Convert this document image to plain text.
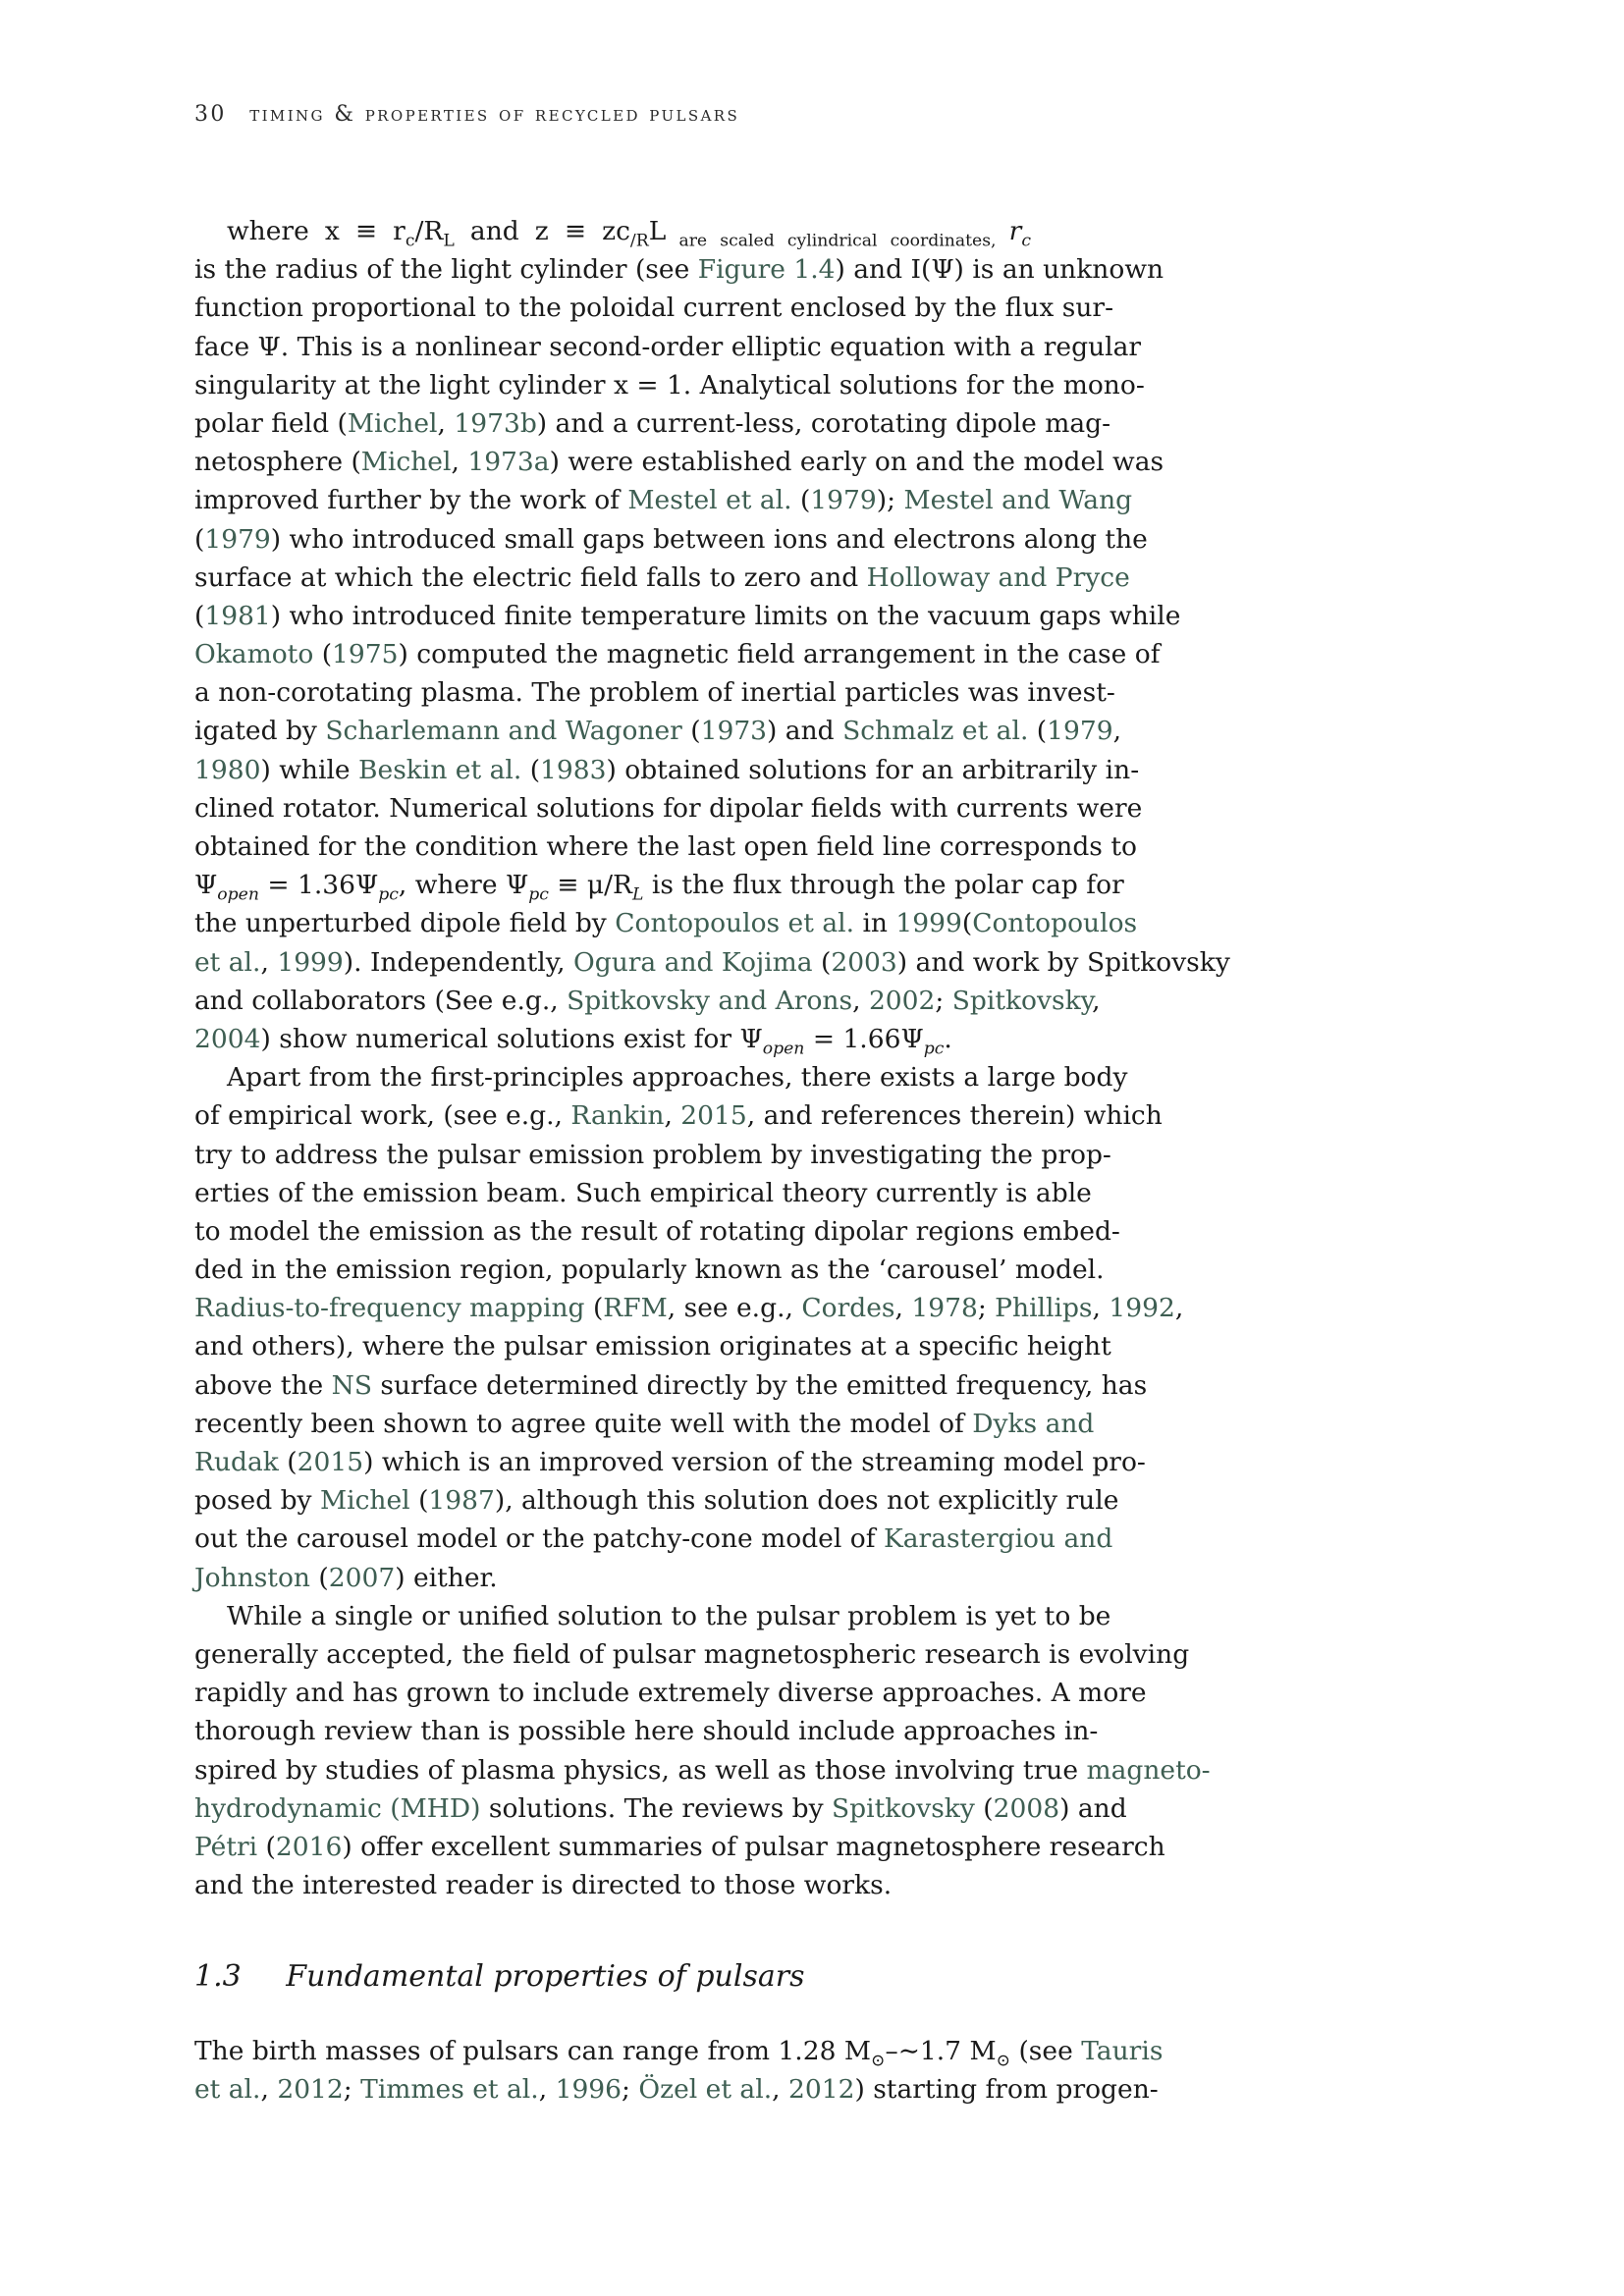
30 timing & properties of recycled pulsars
where $x \equiv r_c/R_L$ and $z \equiv zc_{/R}L$ $_{are scaled cylindrical coordinates,}$ $r_c$
is the radius of the light cylinder (see Figure 1.4) and I(Ψ) is an unknown
function proportional to the poloidal current enclosed by the flux sur-
face Ψ. This is a nonlinear second-order elliptic equation with a regular
singularity at the light cylinder x = 1. Analytical solutions for the mono-
polar field (Michel, 1973b) and a current-less, corotating dipole mag-
netosphere (Michel, 1973a) were established early on and the model was
improved further by the work of Mestel et al. (1979); Mestel and Wang
(1979) who introduced small gaps between ions and electrons along the
surface at which the electric field falls to zero and Holloway and Pryce
(1981) who introduced finite temperature limits on the vacuum gaps while
Okamoto (1975) computed the magnetic field arrangement in the case of
a non-corotating plasma. The problem of inertial particles was invest-
igated by Scharlemann and Wagoner (1973) and Schmalz et al. (1979,
1980) while Beskin et al. (1983) obtained solutions for an arbitrarily in-
clined rotator. Numerical solutions for dipolar fields with currents were
obtained for the condition where the last open field line corresponds to
$\Psi_{open} = 1.36\Psi_{pc}$, where $\Psi_{pc} \equiv \mu/R_L$ is the flux through the polar cap for
the unperturbed dipole field by Contopoulos et al. in 1999(Contopoulos
et al., 1999). Independently, Ogura and Kojima (2003) and work by Spitkovsky
and collaborators (See e.g., Spitkovsky and Arons, 2002; Spitkovsky,
2004) show numerical solutions exist for $\Psi_{open} = 1.66\Psi_{pc}$.
Apart from the first-principles approaches, there exists a large body
of empirical work, (see e.g., Rankin, 2015, and references therein) which
try to address the pulsar emission problem by investigating the prop-
erties of the emission beam. Such empirical theory currently is able
to model the emission as the result of rotating dipolar regions embed-
ded in the emission region, popularly known as the ‘carousel’ model.
Radius-to-frequency mapping (RFM, see e.g., Cordes, 1978; Phillips, 1992,
and others), where the pulsar emission originates at a specific height
above the NS surface determined directly by the emitted frequency, has
recently been shown to agree quite well with the model of Dyks and
Rudak (2015) which is an improved version of the streaming model pro-
posed by Michel (1987), although this solution does not explicitly rule
out the carousel model or the patchy-cone model of Karastergiou and
Johnston (2007) either.
While a single or unified solution to the pulsar problem is yet to be
generally accepted, the field of pulsar magnetospheric research is evolving
rapidly and has grown to include extremely diverse approaches. A more
thorough review than is possible here should include approaches in-
spired by studies of plasma physics, as well as those involving true magneto-
hydrodynamic (MHD) solutions. The reviews by Spitkovsky (2008) and
Pétri (2016) offer excellent summaries of pulsar magnetosphere research
and the interested reader is directed to those works.
1.3 Fundamental properties of pulsars
The birth masses of pulsars can range from 1.28 $M_⊙-\sim 1.7$ $M_⊙$ (see Tauris
et al., 2012; Timmes et al., 1996; Özel et al., 2012) starting from progen-
